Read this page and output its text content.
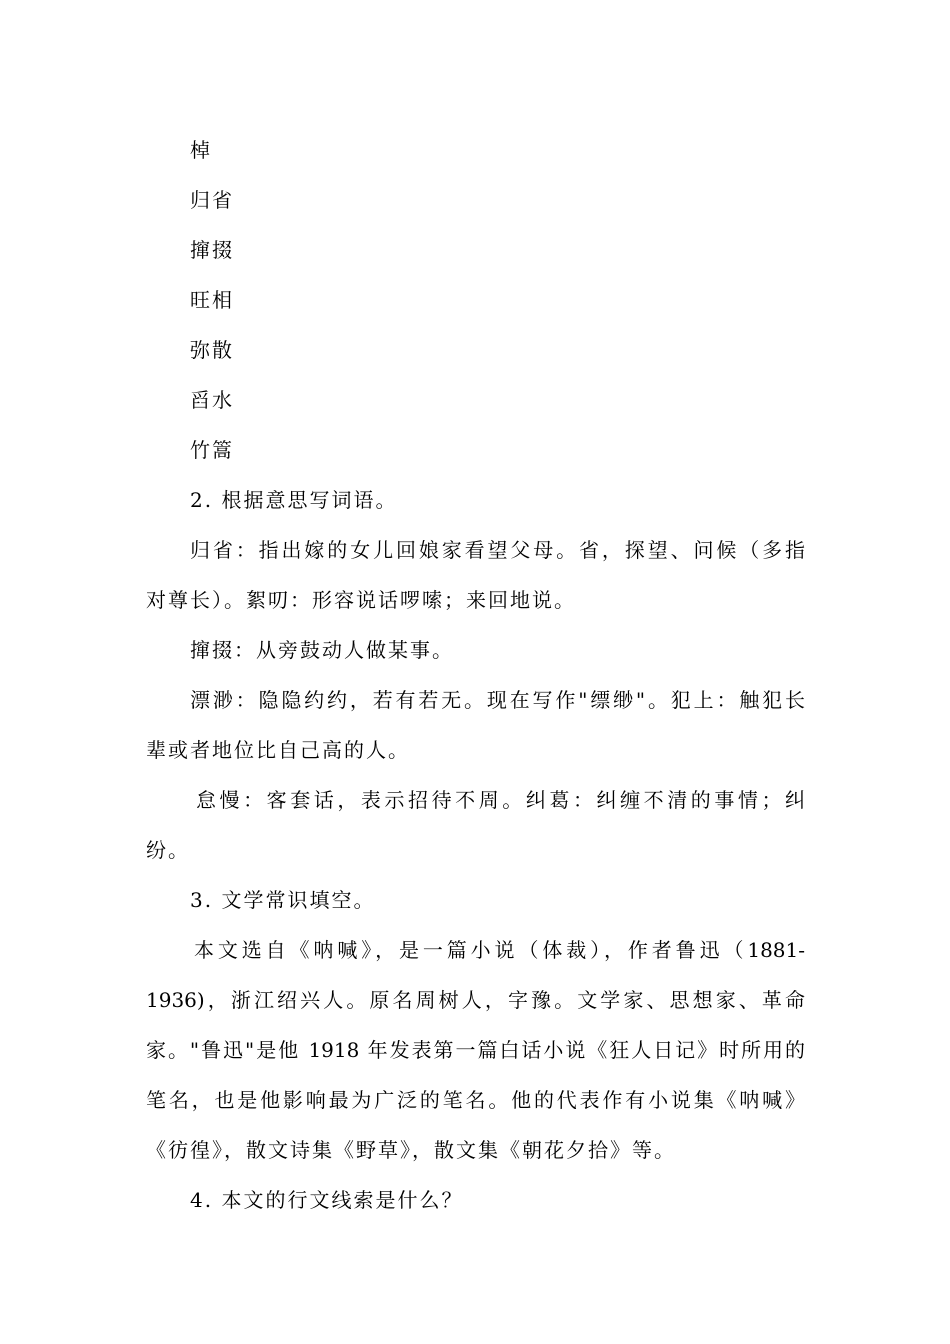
棹
归省
撺掇
旺相
弥散
舀水
竹篙
2. 根据意思写词语。
归省：指出嫁的女儿回娘家看望父母。省，探望、问候（多指
对尊长）。絮叨：形容说话啰嗦；来回地说。
撺掇：从旁鼓动人做某事。
漂渺：隐隐约约，若有若无。现在写作"缥缈"。犯上：触犯长
辈或者地位比自己高的人。
怠慢：客套话，表示招待不周。纠葛：纠缠不清的事情；纠
纷。
3. 文学常识填空。
本文选自《呐喊》，是一篇小说（体裁），作者鲁迅（1881-
1936)，浙江绍兴人。原名周树人，字豫。文学家、思想家、革命
家。"鲁迅"是他 1918 年发表第一篇白话小说《狂人日记》时所用的
笔名，也是他影响最为广泛的笔名。他的代表作有小说集《呐喊》
《彷徨》，散文诗集《野草》，散文集《朝花夕拾》等。
4. 本文的行文线索是什么？
